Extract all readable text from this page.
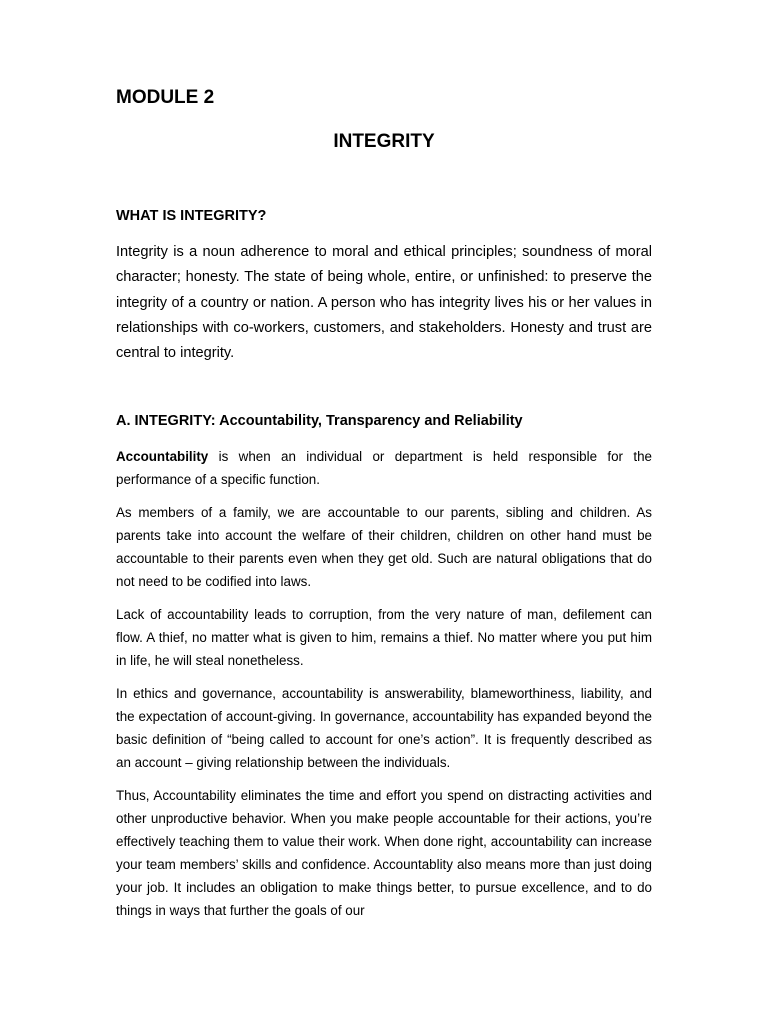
MODULE 2
INTEGRITY
WHAT IS INTEGRITY?

Integrity is a noun adherence to moral and ethical principles; soundness of moral character; honesty. The state of being whole, entire, or unfinished: to preserve the integrity of a country or nation. A person who has integrity lives his or her values in relationships with co-workers, customers, and stakeholders. Honesty and trust are central to integrity.

A. INTEGRITY: Accountability, Transparency and Reliability

Accountability is when an individual or department is held responsible for the performance of a specific function.

As members of a family, we are accountable to our parents, sibling and children. As parents take into account the welfare of their children, children on other hand must be accountable to their parents even when they get old. Such are natural obligations that do not need to be codified into laws.

Lack of accountability leads to corruption, from the very nature of man, defilement can flow. A thief, no matter what is given to him, remains a thief. No matter where you put him in life, he will steal nonetheless.

In ethics and governance, accountability is answerability, blameworthiness, liability, and the expectation of account-giving. In governance, accountability has expanded beyond the basic definition of “being called to account for one’s action”. It is frequently described as an account – giving relationship between the individuals.

Thus, Accountability eliminates the time and effort you spend on distracting activities and other unproductive behavior. When you make people accountable for their actions, you’re effectively teaching them to value their work. When done right, accountability can increase your team members’ skills and confidence. Accountablity also means more than just doing your job. It includes an obligation to make things better, to pursue excellence, and to do things in ways that further the goals of our
